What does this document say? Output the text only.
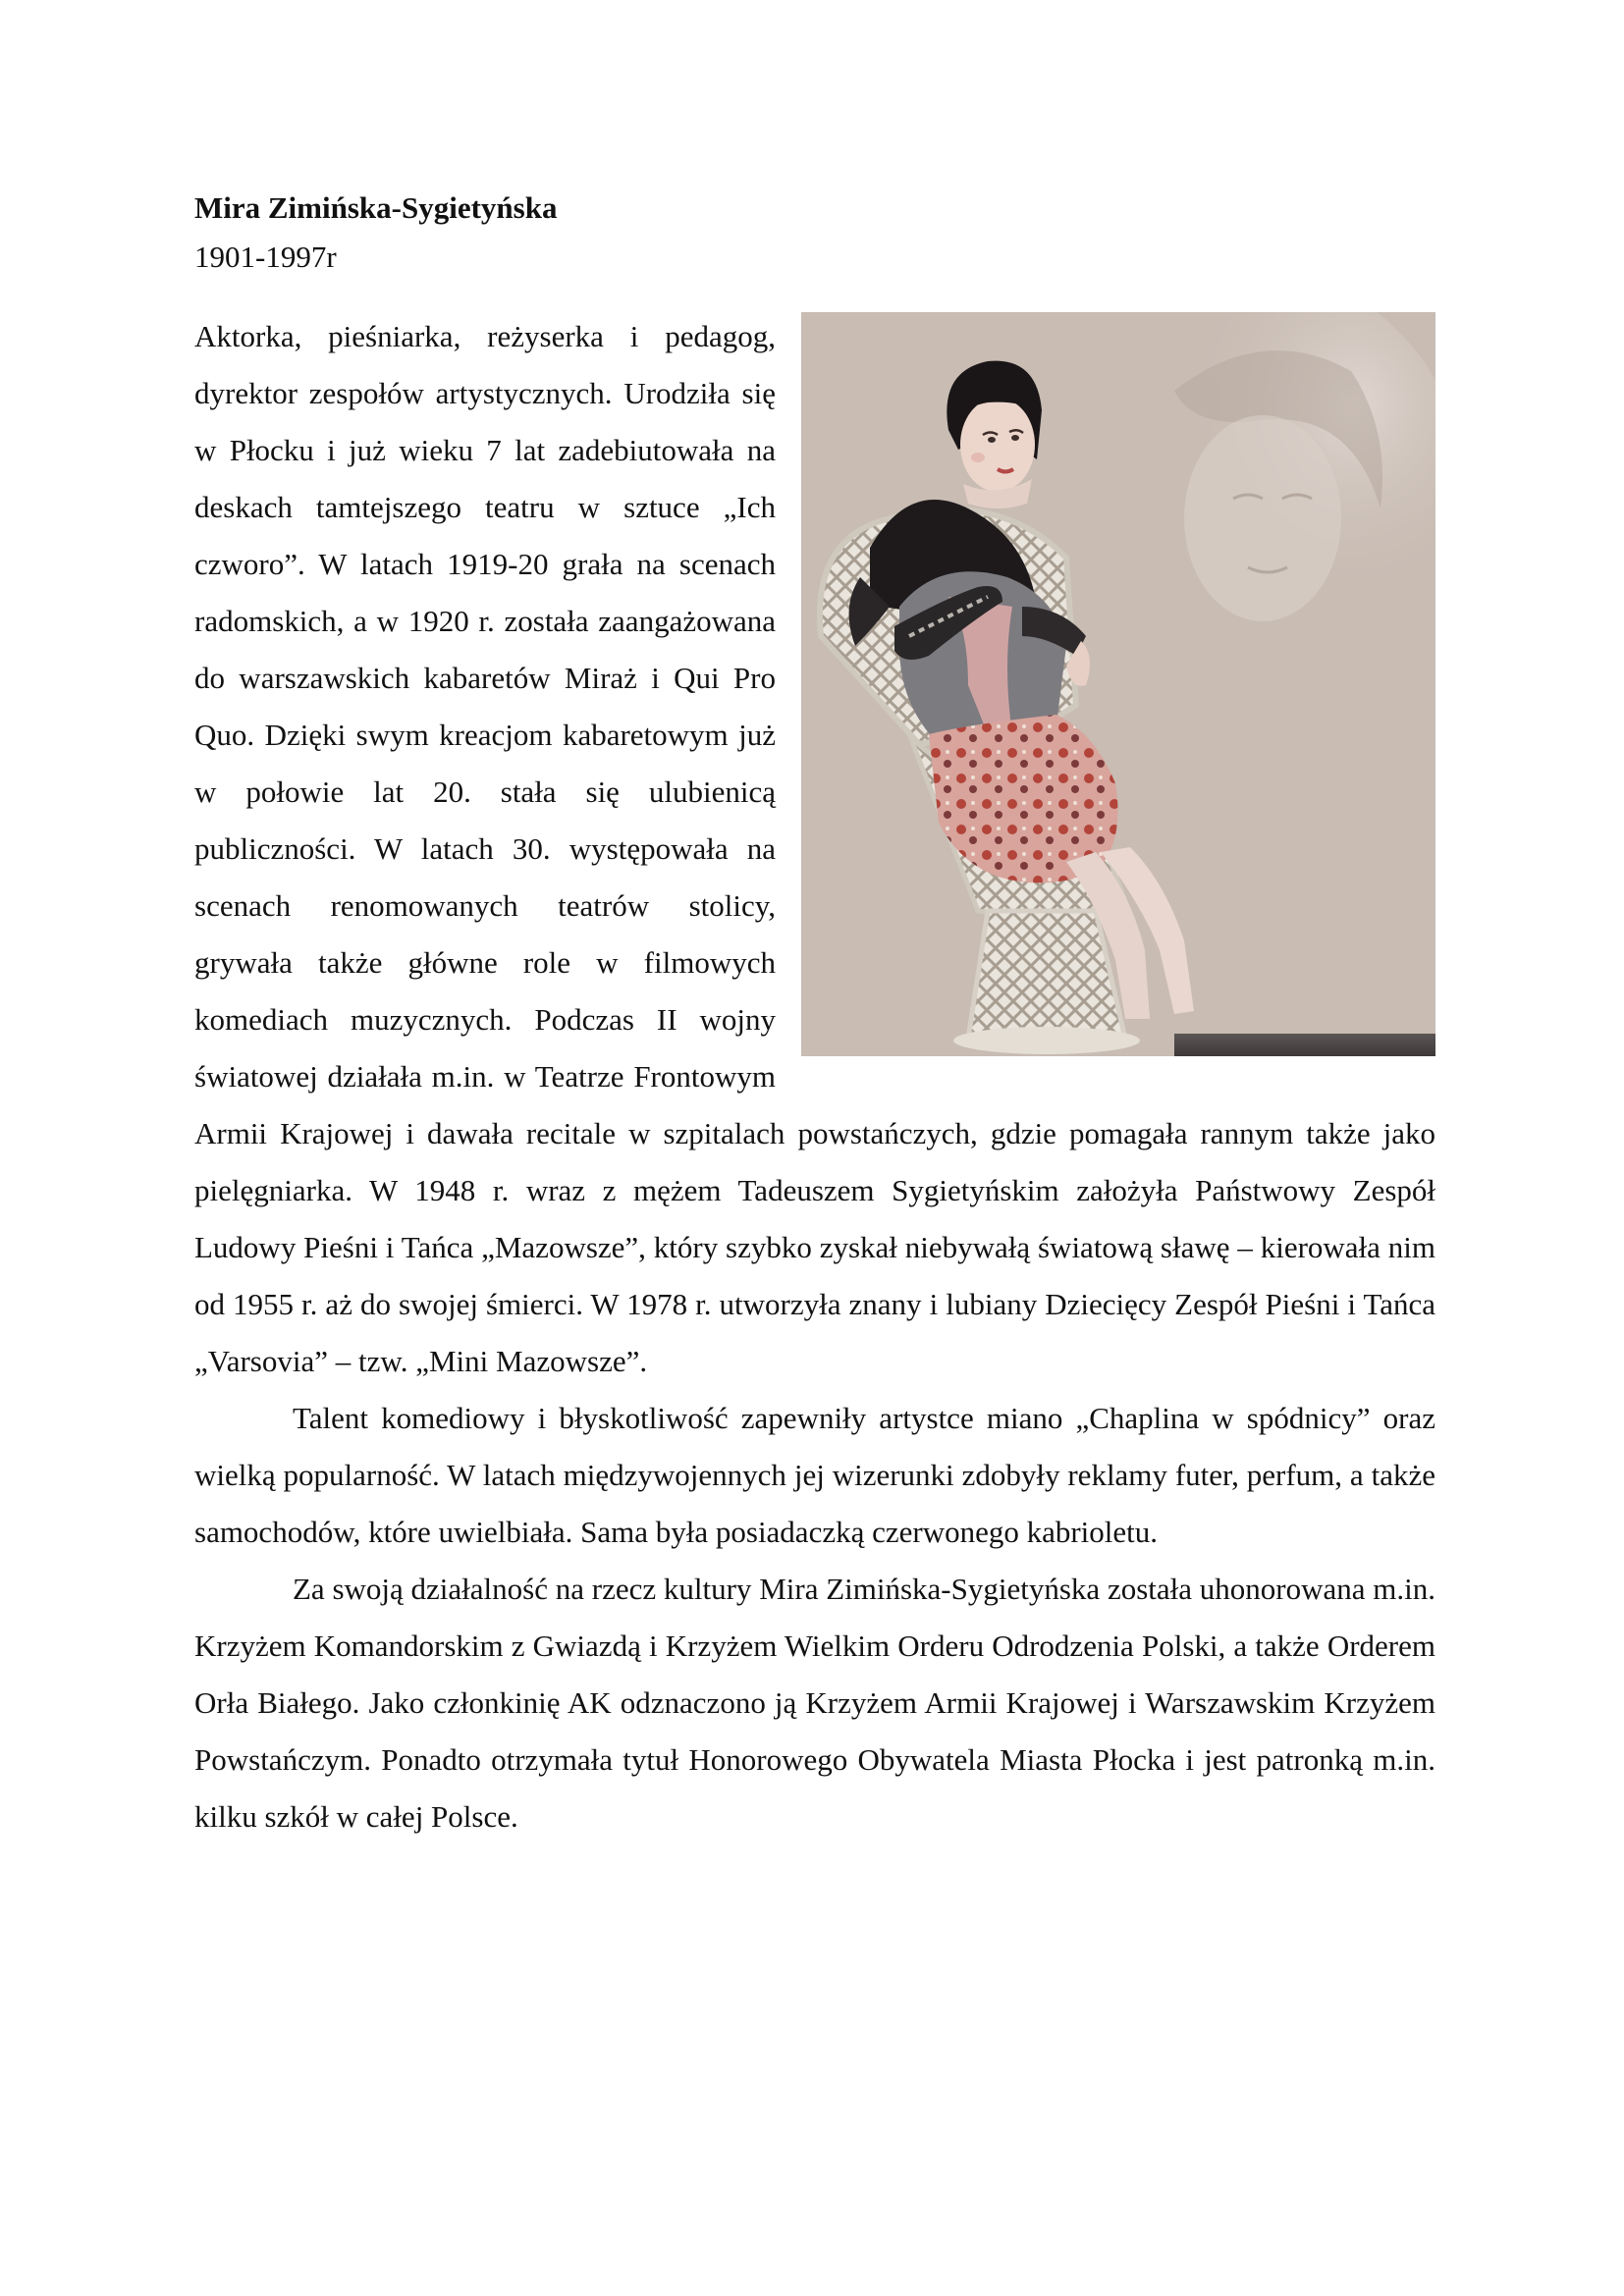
Mira Zimińska-Sygietyńska

1901-1997r

Aktorka, pieśniarka, reżyserka i pedagog, dyrektor zespołów artystycznych. Urodziła się w Płocku i już wieku 7 lat zadebiutowała na deskach tamtejszego teatru w sztuce „Ich czworo”. W latach 1919-20 grała na scenach radomskich, a w 1920 r. została zaangażowana do warszawskich kabaretów Miraż i Qui Pro Quo. Dzięki swym kreacjom kabaretowym już w połowie lat 20. stała się ulubienicą publiczności. W latach 30. występowała na scenach renomowanych teatrów stolicy, grywała także główne role w filmowych komediach muzycznych. Podczas II wojny światowej działała m.in. w Teatrze Frontowym Armii Krajowej i dawała recitale w szpitalach powstańczych, gdzie pomagała rannym także jako pielęgniarka. W 1948 r. wraz z mężem Tadeuszem Sygietyńskim założyła Państwowy Zespół Ludowy Pieśni i Tańca „Mazowsze”, który szybko zyskał niebywałą światową sławę – kierowała nim od 1955 r. aż do swojej śmierci. W 1978 r. utworzyła znany i lubiany Dziecięcy Zespół Pieśni i Tańca „Varsovia” – tzw. „Mini Mazowsze”.

Talent komediowy i błyskotliwość zapewniły artystce miano „Chaplina w spódnicy” oraz wielką popularność. W latach międzywojennych jej wizerunki zdobyły reklamy futer, perfum, a także samochodów, które uwielbiała. Sama była posiadaczką czerwonego kabrioletu.

Za swoją działalność na rzecz kultury Mira Zimińska-Sygietyńska została uhonorowana m.in. Krzyżem Komandorskim z Gwiazdą i Krzyżem Wielkim Orderu Odrodzenia Polski, a także Orderem Orła Białego. Jako członkinię AK odznaczono ją Krzyżem Armii Krajowej i Warszawskim Krzyżem Powstańczym. Ponadto otrzymała tytuł Honorowego Obywatela Miasta Płocka i jest patronką m.in. kilku szkół w całej Polsce.
